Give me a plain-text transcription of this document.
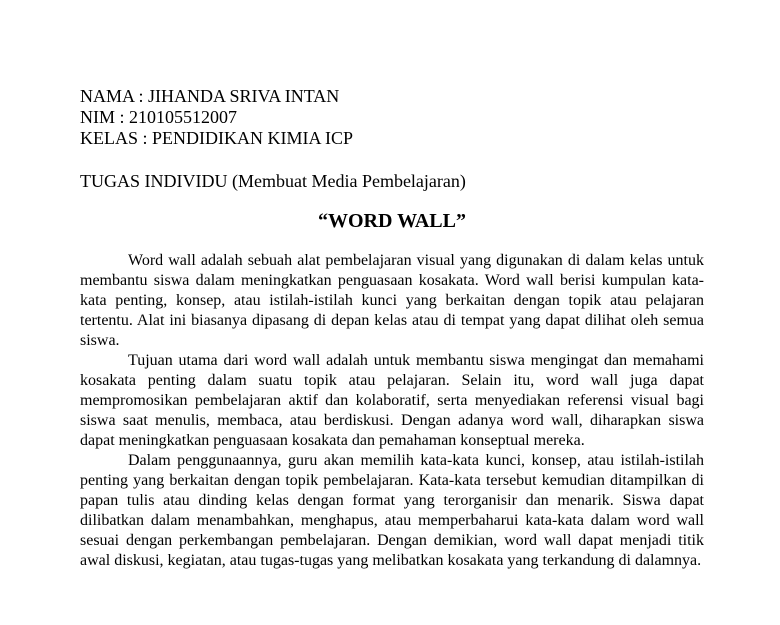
NAMA : JIHANDA SRIVA INTAN
NIM : 210105512007
KELAS : PENDIDIKAN KIMIA ICP
TUGAS INDIVIDU (Membuat Media Pembelajaran)
“WORD WALL”

Word wall adalah sebuah alat pembelajaran visual yang digunakan di dalam kelas untuk membantu siswa dalam meningkatkan penguasaan kosakata. Word wall berisi kumpulan kata-kata penting, konsep, atau istilah-istilah kunci yang berkaitan dengan topik atau pelajaran tertentu. Alat ini biasanya dipasang di depan kelas atau di tempat yang dapat dilihat oleh semua siswa.

Tujuan utama dari word wall adalah untuk membantu siswa mengingat dan memahami kosakata penting dalam suatu topik atau pelajaran. Selain itu, word wall juga dapat mempromosikan pembelajaran aktif dan kolaboratif, serta menyediakan referensi visual bagi siswa saat menulis, membaca, atau berdiskusi. Dengan adanya word wall, diharapkan siswa dapat meningkatkan penguasaan kosakata dan pemahaman konseptual mereka.

Dalam penggunaannya, guru akan memilih kata-kata kunci, konsep, atau istilah-istilah penting yang berkaitan dengan topik pembelajaran. Kata-kata tersebut kemudian ditampilkan di papan tulis atau dinding kelas dengan format yang terorganisir dan menarik. Siswa dapat dilibatkan dalam menambahkan, menghapus, atau memperbaharui kata-kata dalam word wall sesuai dengan perkembangan pembelajaran. Dengan demikian, word wall dapat menjadi titik awal diskusi, kegiatan, atau tugas-tugas yang melibatkan kosakata yang terkandung di dalamnya.
